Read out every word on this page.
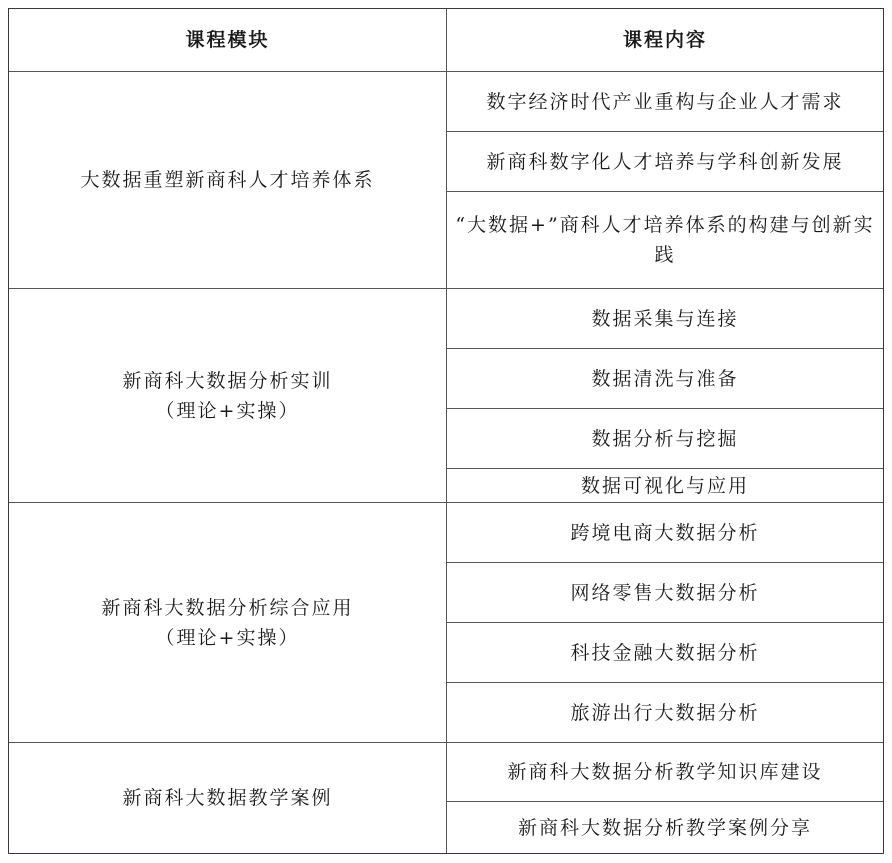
课程模块	课程内容
大数据重塑新商科人才培养体系
数字经济时代产业重构与企业人才需求
新商科数字化人才培养与学科创新发展
“大数据+”商科人才培养体系的构建与创新实践
新商科大数据分析实训
（理论+实操）
数据采集与连接
数据清洗与准备
数据分析与挖掘
数据可视化与应用
新商科大数据分析综合应用
（理论+实操）
跨境电商大数据分析
网络零售大数据分析
科技金融大数据分析
旅游出行大数据分析
新商科大数据教学案例
新商科大数据分析教学知识库建设
新商科大数据分析教学案例分享
